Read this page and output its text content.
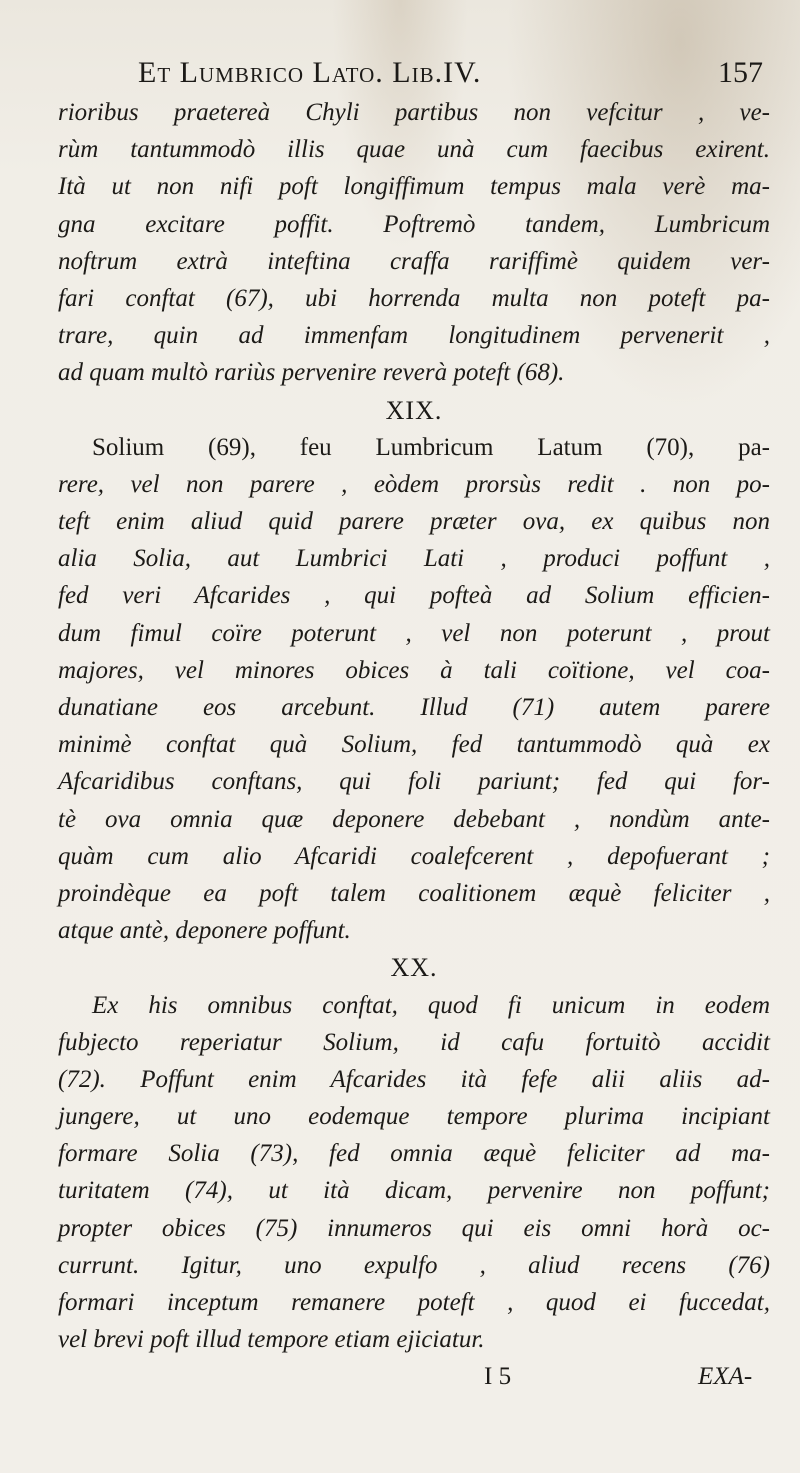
Et Lumbrico Lato. Lib.IV.	157
rioribus praetereà Chyli partibus non vefcitur , ve-
rùm tantummodò illis quae unà cum faecibus exirent.
Ità ut non nifi poft longiffimum tempus mala verè ma-
gna excitare poffit. Poftremò tandem, Lumbricum
noftrum extrà inteftina craffa rariffimè quidem ver-
fari conftat (67), ubi horrenda multa non poteft pa-
trare, quin ad immenfam longitudinem pervenerit ,
ad quam multò rariùs pervenire reverà poteft (68).
XIX.
Solium (69), feu Lumbricum Latum (70), pa-
rere, vel non parere , eòdem prorsùs redit . non po-
teft enim aliud quid parere præter ova, ex quibus non
alia Solia, aut Lumbrici Lati , produci poffunt ,
fed veri Afcarides , qui pofteà ad Solium efficien-
dum fimul coïre poterunt , vel non poterunt , prout
majores, vel minores obices à tali coïtione, vel coa-
dunatiane eos arcebunt. Illud (71) autem parere
minimè conftat quà Solium, fed tantummodò quà ex
Afcaridibus conftans, qui foli pariunt; fed qui for-
tè ova omnia quæ deponere debebant , nondùm ante-
quàm cum alio Afcaridi coalefcerent , depofuerant ;
proindèque ea poft talem coalitionem æquè feliciter ,
atque antè, deponere poffunt.
XX.
Ex his omnibus conftat, quod fi unicum in eodem
fubjecto reperiatur Solium, id cafu fortuitò accidit
(72). Poffunt enim Afcarides ità fefe alii aliis ad-
jungere, ut uno eodemque tempore plurima incipiant
formare Solia (73), fed omnia æquè feliciter ad ma-
turitatem (74), ut ità dicam, pervenire non poffunt;
propter obices (75) innumeros qui eis omni horà oc-
currunt. Igitur, uno expulfo , aliud recens (76)
formari inceptum remanere poteft , quod ei fuccedat,
vel brevi poft illud tempore etiam ejiciatur.
I 5	EXA-
